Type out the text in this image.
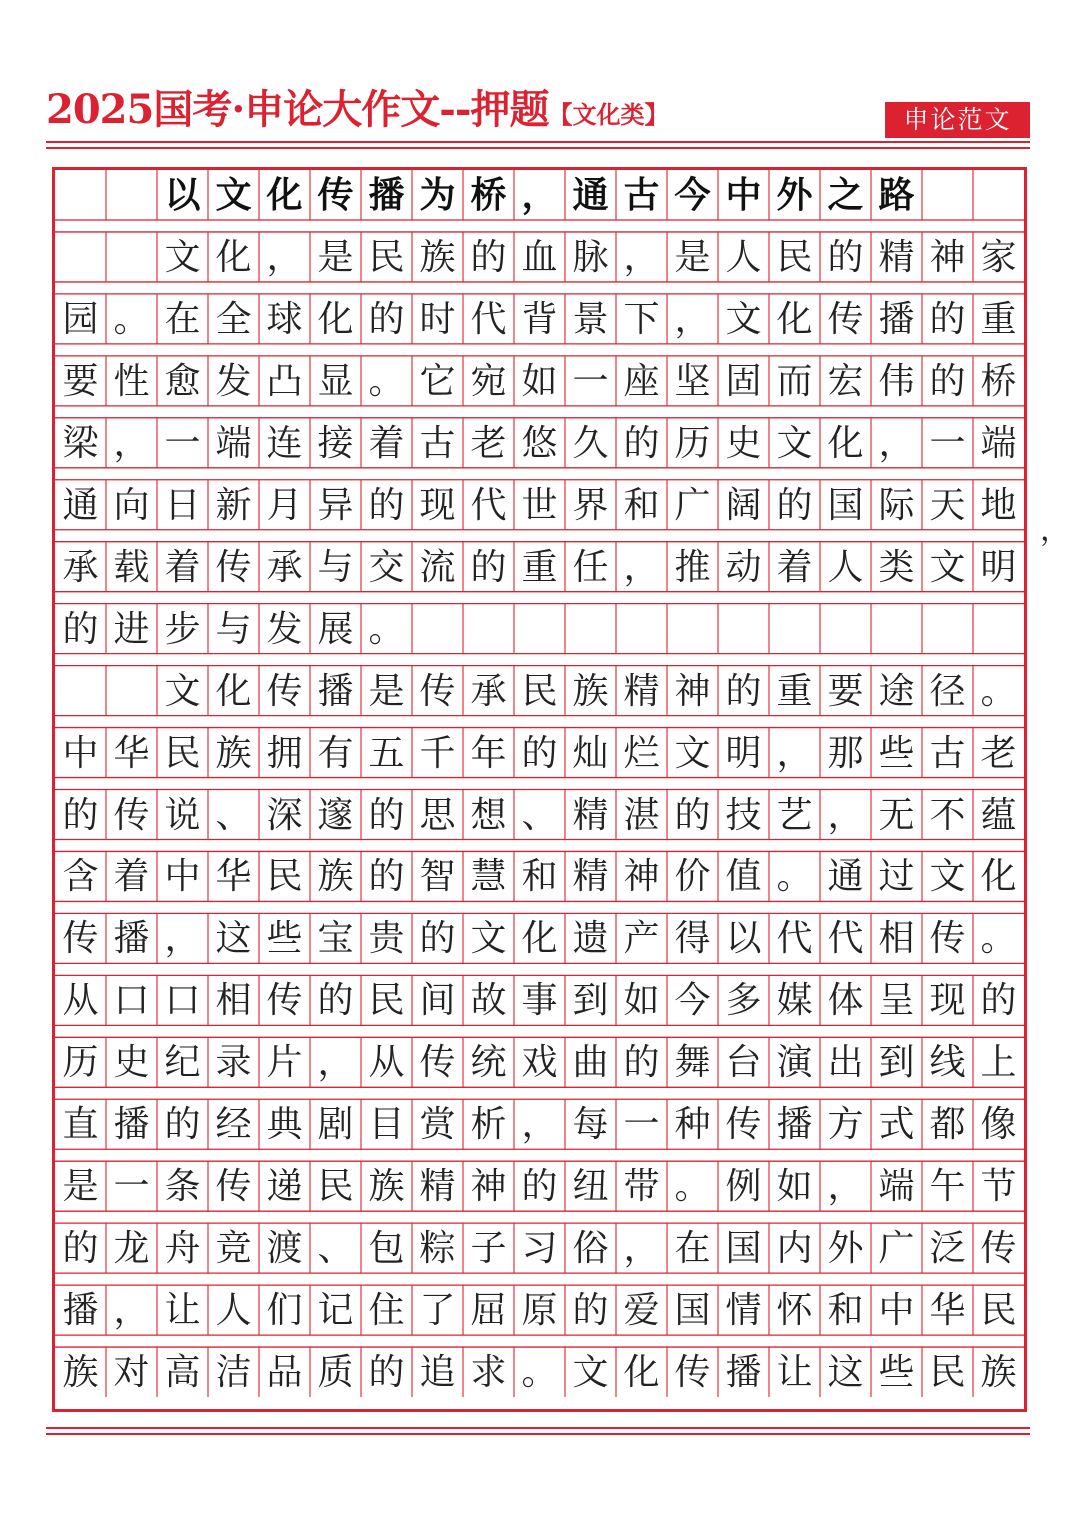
2025国考·申论大作文--押题【文化类】	申论范文
以 文 化 传 播 为 桥 ， 通 古 今 中 外 之 路
文 化 ， 是 民 族 的 血 脉 ， 是 人 民 的 精 神 家
园 。 在 全 球 化 的 时 代 背 景 下 ， 文 化 传 播 的 重
要 性 愈 发 凸 显 。 它 宛 如 一 座 坚 固 而 宏 伟 的 桥
梁 ， 一 端 连 接 着 古 老 悠 久 的 历 史 文 化 ， 一 端
通 向 日 新 月 异 的 现 代 世 界 和 广 阔 的 国 际 天 地
承 载 着 传 承 与 交 流 的 重 任 ， 推 动 着 人 类 文 明
的 进 步 与 发 展 。
文 化 传 播 是 传 承 民 族 精 神 的 重 要 途 径 。
中 华 民 族 拥 有 五 千 年 的 灿 烂 文 明 ， 那 些 古 老
的 传 说 、 深 邃 的 思 想 、 精 湛 的 技 艺 ， 无 不 蕴
含 着 中 华 民 族 的 智 慧 和 精 神 价 值 。 通 过 文 化
传 播 ， 这 些 宝 贵 的 文 化 遗 产 得 以 代 代 相 传 。
从 口 口 相 传 的 民 间 故 事 到 如 今 多 媒 体 呈 现 的
历 史 纪 录 片 ， 从 传 统 戏 曲 的 舞 台 演 出 到 线 上
直 播 的 经 典 剧 目 赏 析 ， 每 一 种 传 播 方 式 都 像
是 一 条 传 递 民 族 精 神 的 纽 带 。 例 如 ， 端 午 节
的 龙 舟 竞 渡 、 包 粽 子 习 俗 ， 在 国 内 外 广 泛 传
播 ， 让 人 们 记 住 了 屈 原 的 爱 国 情 怀 和 中 华 民
族 对 高 洁 品 质 的 追 求 。 文 化 传 播 让 这 些 民 族
，
